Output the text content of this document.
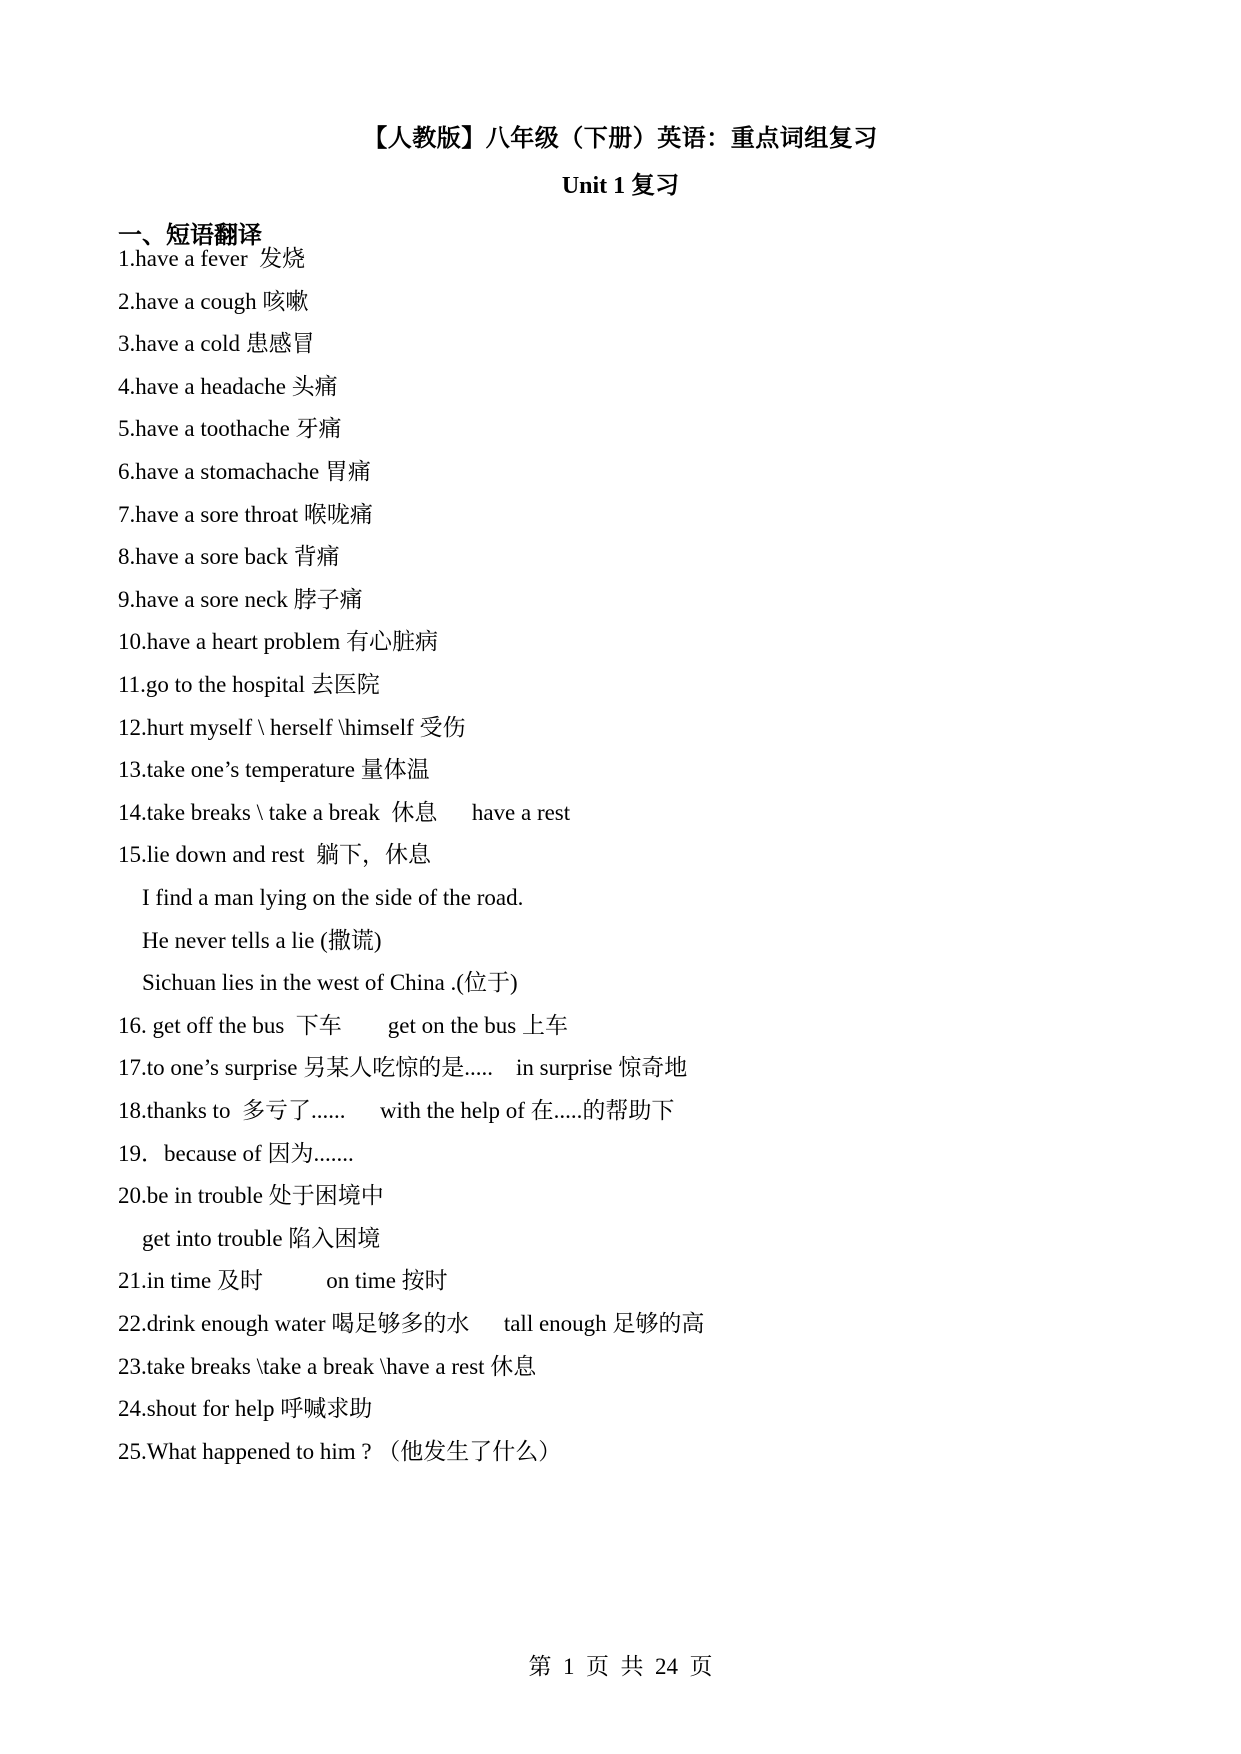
【人教版】八年级（下册）英语：重点词组复习
Unit 1 复习
一、短语翻译
1.have a fever  发烧
2.have a cough 咳嗽
3.have a cold 患感冒
4.have a headache 头痛
5.have a toothache 牙痛
6.have a stomachache 胃痛
7.have a sore throat 喉咙痛
8.have a sore back 背痛
9.have a sore neck 脖子痛
10.have a heart problem 有心脏病
11.go to the hospital 去医院
12.hurt myself \ herself \himself 受伤
13.take one’s temperature 量体温
14.take breaks \ take a break  休息      have a rest
15.lie down and rest  躺下，休息
I find a man lying on the side of the road.
He never tells a lie (撒谎)
Sichuan lies in the west of China .(位于)
16. get off the bus  下车        get on the bus 上车
17.to one’s surprise 另某人吃惊的是.....    in surprise 惊奇地
18.thanks to  多亏了......      with the help of 在.....的帮助下
19．because of 因为.......
20.be in trouble 处于困境中
get into trouble 陷入困境
21.in time 及时           on time 按时
22.drink enough water 喝足够多的水      tall enough 足够的高
23.take breaks \take a break \have a rest 休息
24.shout for help 呼喊求助
25.What happened to him ? （他发生了什么）
第  1  页  共  24  页
